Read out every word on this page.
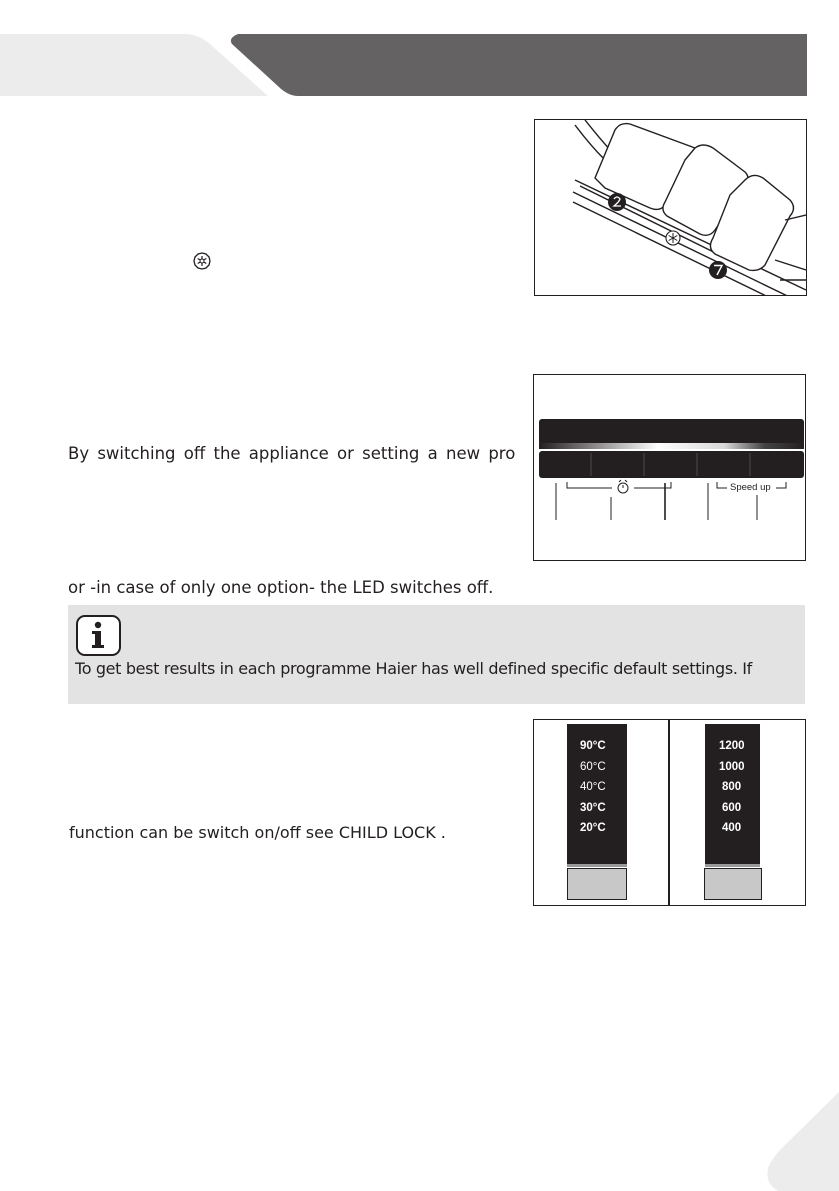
By switching off the appliance or setting a new pro
Speed up
or -in case of only one option- the LED switches off.
To get best results in each programme Haier has well defined specific default settings. If
function can be switch on/off see CHILD LOCK .
90°C
60°C
40°C
30°C
20°C
1200
1000
800
600
400
